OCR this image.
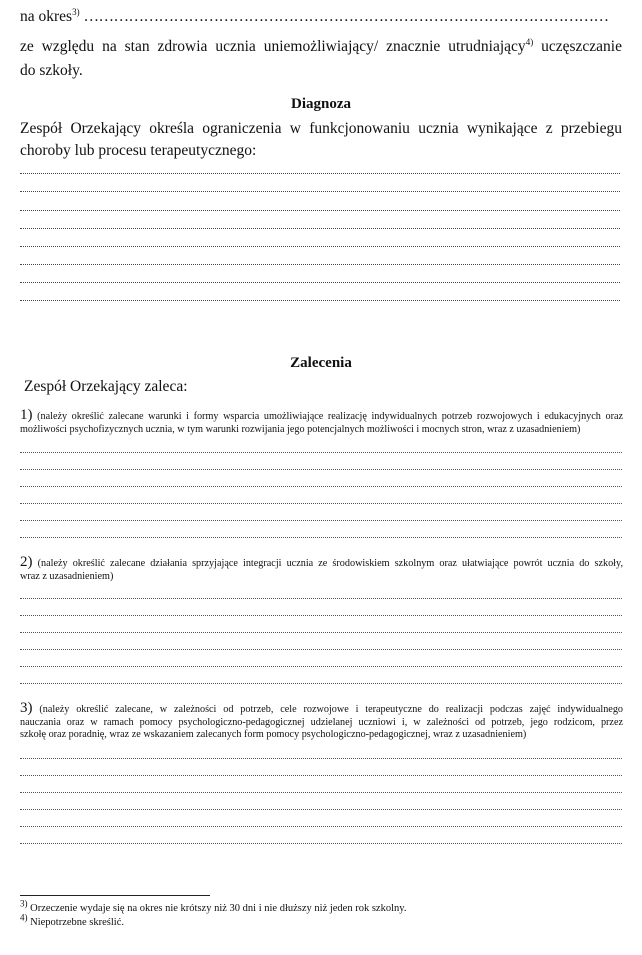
na okres$^{3)}$ ……………………………………………………………………………………………
ze względu na stan zdrowia ucznia uniemożliwiający/ znacznie utrudniający$^{4)}$ uczęszczanie
do szkoły.
Diagnoza
Zespół Orzekający określa ograniczenia w funkcjonowaniu ucznia wynikające z przebiegu
choroby lub procesu terapeutycznego:
Zalecenia
Zespół Orzekający zaleca:
1) (należy określić zalecane warunki i formy wsparcia umożliwiające realizację indywidualnych potrzeb rozwojowych i edukacyjnych oraz
możliwości psychofizycznych ucznia, w tym warunki rozwijania jego potencjalnych możliwości i mocnych stron, wraz z uzasadnieniem)
2) (należy określić zalecane działania sprzyjające integracji ucznia ze środowiskiem szkolnym oraz ułatwiające powrót ucznia do szkoły,
wraz z uzasadnieniem)
3) (należy określić zalecane, w zależności od potrzeb, cele rozwojowe i terapeutyczne do realizacji podczas zajęć indywidualnego
nauczania oraz w ramach pomocy psychologiczno-pedagogicznej udzielanej uczniowi i, w zależności od potrzeb, jego rodzicom, przez
szkołę oraz poradnię, wraz ze wskazaniem zalecanych form pomocy psychologiczno-pedagogicznej, wraz z uzasadnieniem)
$^{3)}$ Orzeczenie wydaje się na okres nie krótszy niż 30 dni i nie dłuższy niż jeden rok szkolny.
$^{4)}$ Niepotrzebne skreślić.
